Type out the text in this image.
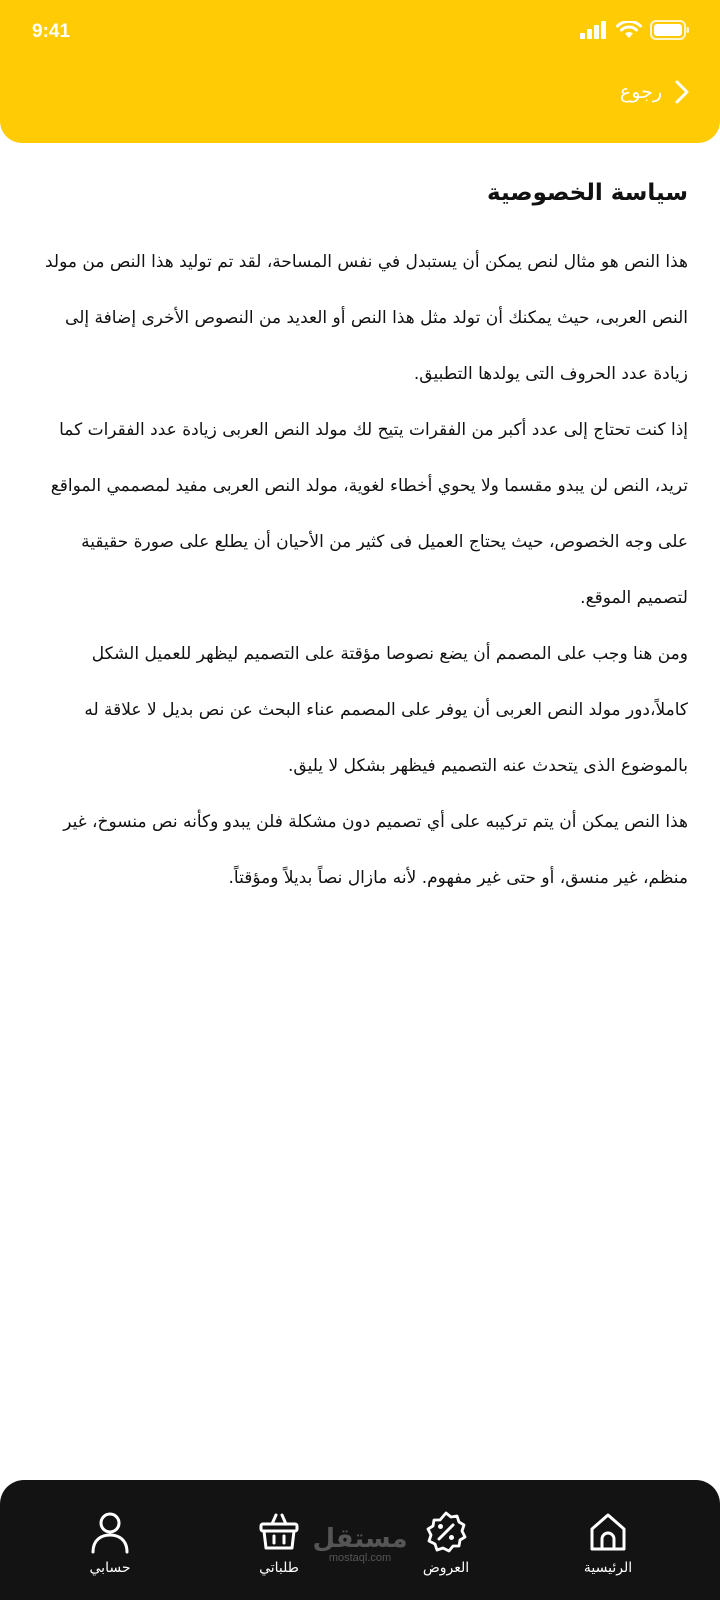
9:41
رجوع
سياسة الخصوصية

هذا النص هو مثال لنص يمكن أن يستبدل في نفس المساحة، لقد تم توليد هذا النص من مولد النص العربى، حيث يمكنك أن تولد مثل هذا النص أو العديد من النصوص الأخرى إضافة إلى زيادة عدد الحروف التى يولدها التطبيق.

إذا كنت تحتاج إلى عدد أكبر من الفقرات يتيح لك مولد النص العربى زيادة عدد الفقرات كما تريد، النص لن يبدو مقسما ولا يحوي أخطاء لغوية، مولد النص العربى مفيد لمصممي المواقع على وجه الخصوص، حيث يحتاج العميل فى كثير من الأحيان أن يطلع على صورة حقيقية لتصميم الموقع.

ومن هنا وجب على المصمم أن يضع نصوصا مؤقتة على التصميم ليظهر للعميل الشكل كاملاً،دور مولد النص العربى أن يوفر على المصمم عناء البحث عن نص بديل لا علاقة له بالموضوع الذى يتحدث عنه التصميم فيظهر بشكل لا يليق.

هذا النص يمكن أن يتم تركيبه على أي تصميم دون مشكلة فلن يبدو وكأنه نص منسوخ، غير منظم، غير منسق، أو حتى غير مفهوم. لأنه مازال نصاً بديلاً ومؤقتاً.

الرئيسية
العروض
طلباتي
حسابي
مستقل
mostaql.com
